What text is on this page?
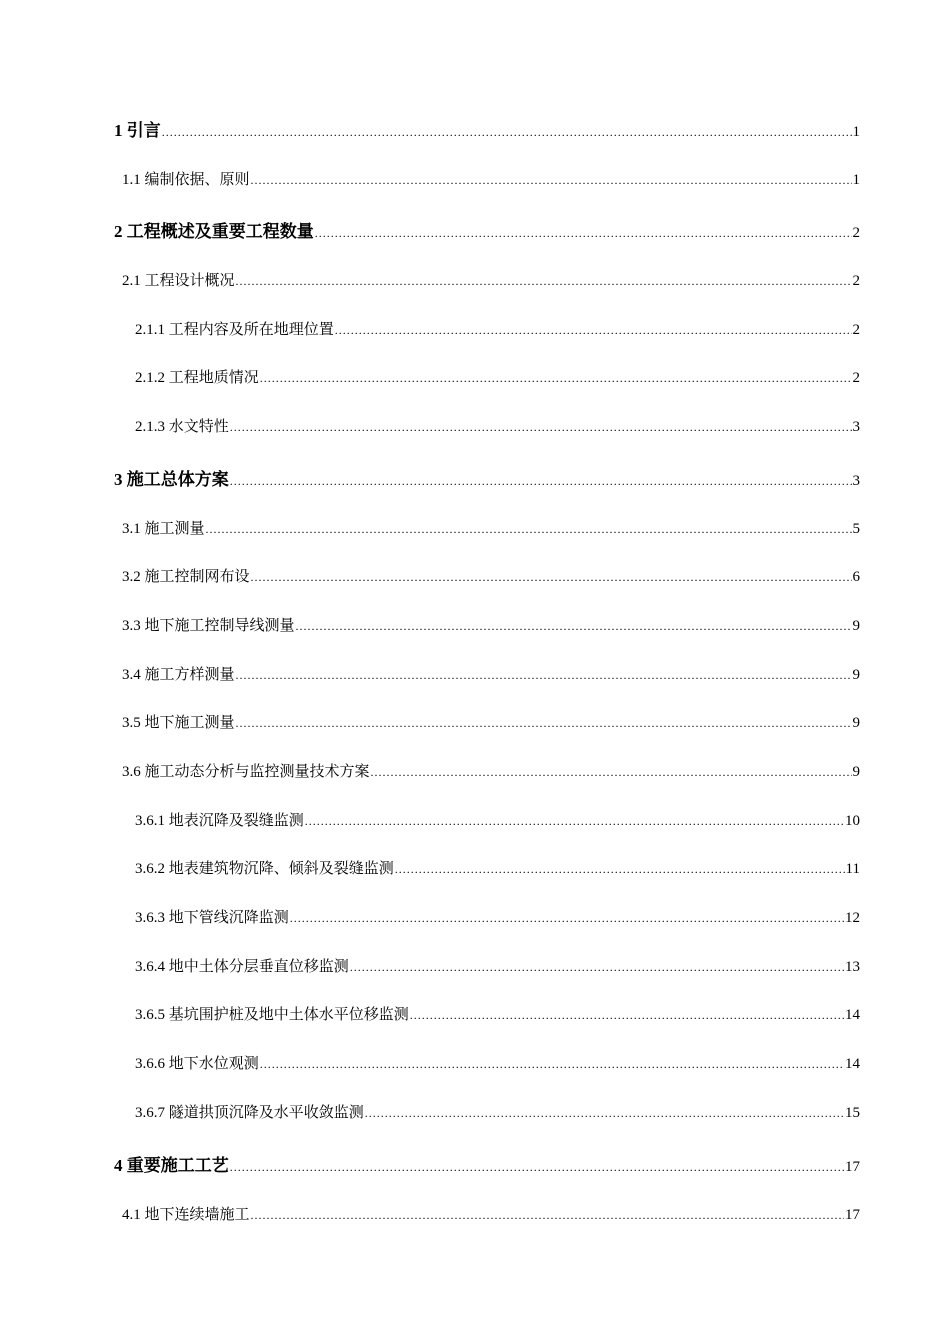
1 引言 .....	1
1.1 编制依据、原则 .....	1
2 工程概述及重要工程数量 .....	2
2.1 工程设计概况 .....	2
2.1.1 工程内容及所在地理位置 .....	2
2.1.2 工程地质情况 .....	2
2.1.3 水文特性 .....	3
3 施工总体方案 .....	3
3.1 施工测量 .....	5
3.2 施工控制网布设 .....	6
3.3 地下施工控制导线测量 .....	9
3.4 施工方样测量 .....	9
3.5 地下施工测量 .....	9
3.6 施工动态分析与监控测量技术方案 .....	9
3.6.1 地表沉降及裂缝监测 .....	10
3.6.2 地表建筑物沉降、倾斜及裂缝监测 .....	11
3.6.3 地下管线沉降监测 .....	12
3.6.4 地中土体分层垂直位移监测 .....	13
3.6.5 基坑围护桩及地中土体水平位移监测 .....	14
3.6.6 地下水位观测 .....	14
3.6.7 隧道拱顶沉降及水平收敛监测 .....	15
4 重要施工工艺 .....	17
4.1 地下连续墙施工 .....	17
